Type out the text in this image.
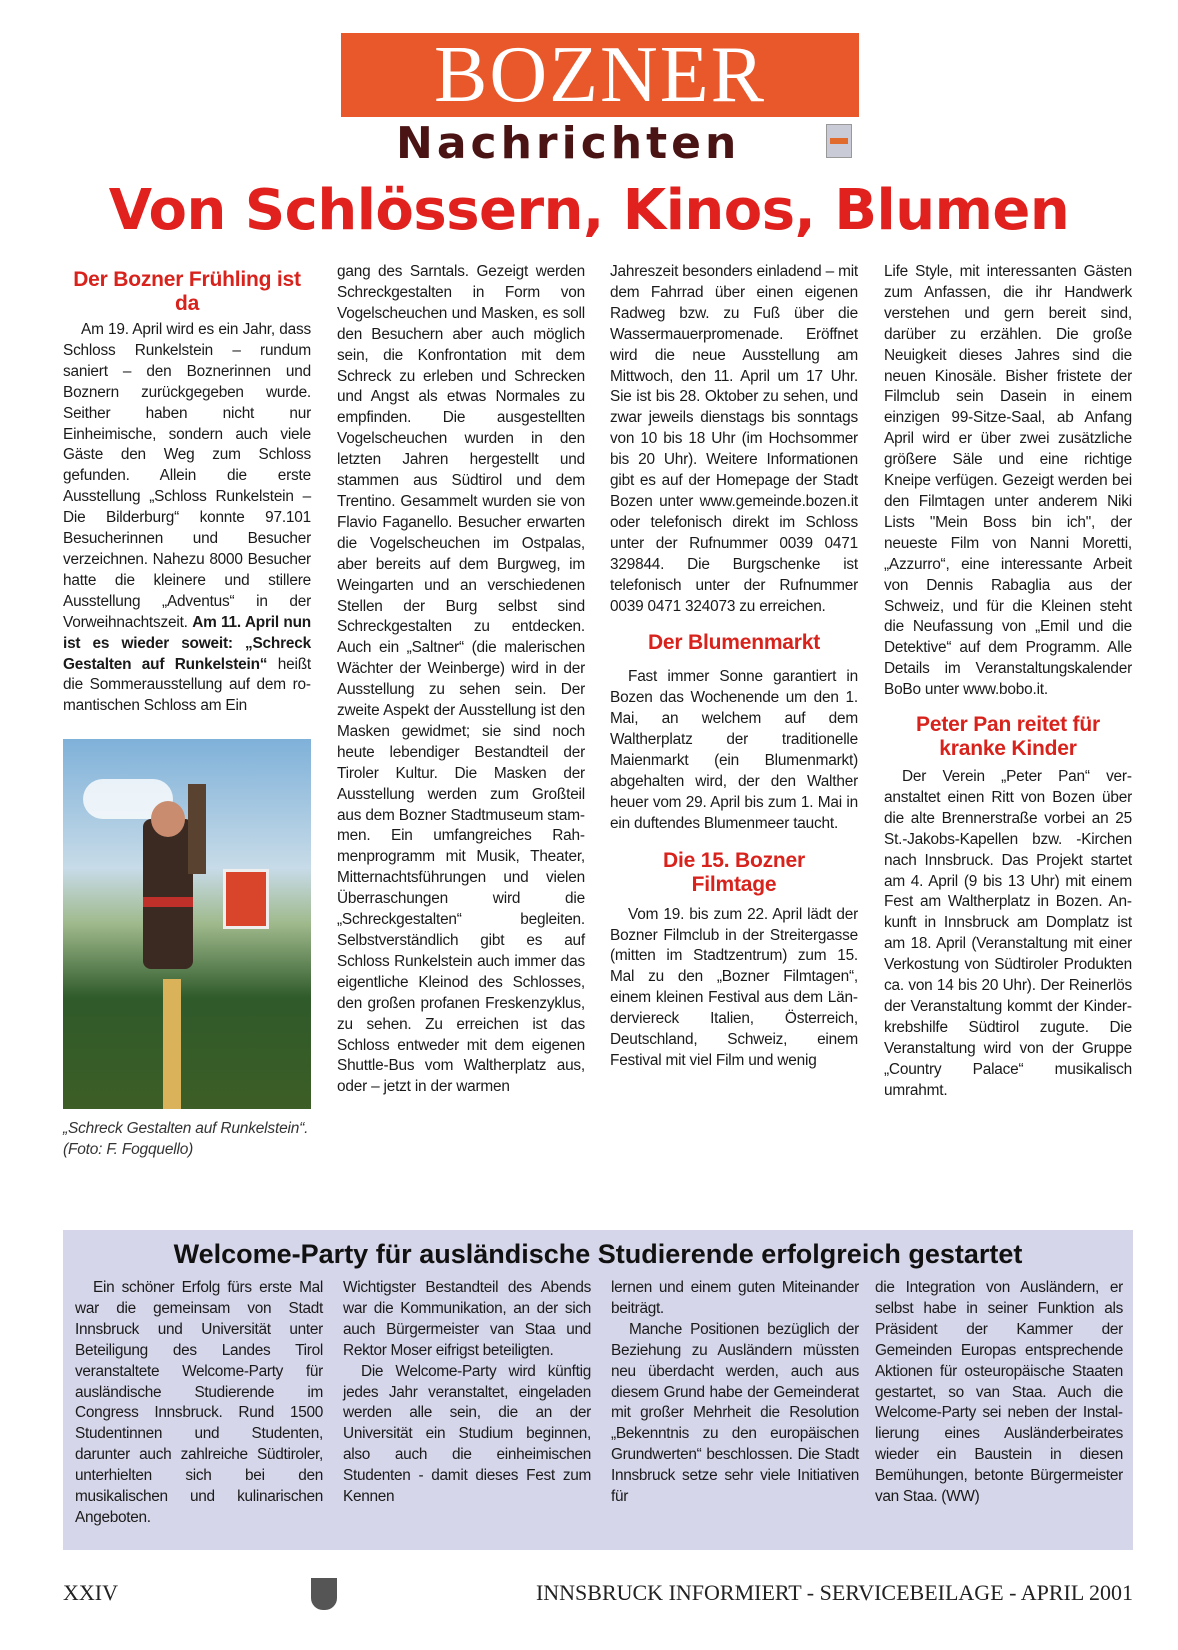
BOZNER
Nachrichten
Von Schlössern, Kinos, Blumen
Der Bozner Frühling ist da

Am 19. April wird es ein Jahr, dass Schloss Runkelstein – rundum saniert – den Boznerinnen und Boznern zurückgegeben wurde. Seither haben nicht nur Einheimische, sondern auch viele Gäste den Weg zum Schloss gefunden. Allein die erste Ausstellung „Schloss Runkelstein – Die Bilderburg“ konnte 97.101 Besucherinnen und Besucher verzeichnen. Nahezu 8000 Besucher hatte die kleinere und stillere Ausstellung „Adventus“ in der Vorweihnachtszeit. Am 11. April nun ist es wieder soweit: „Schreck Gestalten auf Runkelstein“ heißt die Sommerausstellung auf dem romantischen Schloss am Ein

„Schreck Gestalten auf Runkelstein“. (Foto: F. Fogquello)

gang des Sarntals. Gezeigt werden Schreckgestalten in Form von Vogelscheuchen und Masken, es soll den Besuchern aber auch möglich sein, die Konfrontation mit dem Schreck zu erleben und Schrecken und Angst als etwas Normales zu empfinden. Die ausgestellten Vogelscheuchen wurden in den letzten Jahren hergestellt und stammen aus Südtirol und dem Trentino. Gesammelt wurden sie von Flavio Faganello. Besucher erwarten die Vogelscheuchen im Ostpalas, aber bereits auf dem Burgweg, im Weingarten und an verschiedenen Stellen der Burg selbst sind Schreckgestalten zu entdecken. Auch ein „Saltner“ (die malerischen Wächter der Weinberge) wird in der Ausstellung zu sehen sein. Der zweite Aspekt der Ausstellung ist den Masken gewidmet; sie sind noch heute lebendiger Bestandteil der Tiroler Kultur. Die Masken der Ausstellung werden zum Großteil aus dem Bozner Stadtmuseum stammen. Ein umfangreiches Rahmenprogramm mit Musik, Theater, Mitternachtsführungen und vielen Überraschungen wird die „Schreckgestalten“ begleiten. Selbstverständlich gibt es auf Schloss Runkelstein auch immer das eigentliche Kleinod des Schlosses, den großen profanen Freskenzyklus, zu sehen. Zu erreichen ist das Schloss entweder mit dem eigenen Shuttle-Bus vom Waltherplatz aus, oder – jetzt in der warmen

Jahreszeit besonders einladend – mit dem Fahrrad über einen eigenen Radweg bzw. zu Fuß über die Wassermauerpromenade. Eröffnet wird die neue Ausstellung am Mittwoch, den 11. April um 17 Uhr. Sie ist bis 28. Oktober zu sehen, und zwar jeweils dienstags bis sonntags von 10 bis 18 Uhr (im Hochsommer bis 20 Uhr). Weitere Informationen gibt es auf der Homepage der Stadt Bozen unter www.gemeinde.bozen.it oder telefonisch direkt im Schloss unter der Rufnummer 0039 0471 329844. Die Burgschenke ist telefonisch unter der Rufnummer 0039 0471 324073 zu erreichen.

Der Blumenmarkt

Fast immer Sonne garantiert in Bozen das Wochenende um den 1. Mai, an welchem auf dem Waltherplatz der traditionelle Maienmarkt (ein Blumenmarkt) abgehalten wird, der den Walther heuer vom 29. April bis zum 1. Mai in ein duftendes Blumenmeer taucht.

Die 15. Bozner Filmtage

Vom 19. bis zum 22. April lädt der Bozner Filmclub in der Streitergasse (mitten im Stadtzentrum) zum 15. Mal zu den „Bozner Filmtagen“, einem kleinen Festival aus dem Länderviereck Italien, Österreich, Deutschland, Schweiz, einem Festival mit viel Film und wenig

Life Style, mit interessanten Gästen zum Anfassen, die ihr Handwerk verstehen und gern bereit sind, darüber zu erzählen. Die große Neuigkeit dieses Jahres sind die neuen Kinosäle. Bisher fristete der Filmclub sein Dasein in einem einzigen 99-Sitze-Saal, ab Anfang April wird er über zwei zusätzliche größere Säle und eine richtige Kneipe verfügen. Gezeigt werden bei den Filmtagen unter anderem Niki Lists "Mein Boss bin ich", der neueste Film von Nanni Moretti, „Azzurro“, eine interessante Arbeit von Dennis Rabaglia aus der Schweiz, und für die Kleinen steht die Neufassung von „Emil und die Detektive“ auf dem Programm. Alle Details im Veranstaltungskalender BoBo unter www.bobo.it.

Peter Pan reitet für kranke Kinder

Der Verein „Peter Pan“ veranstaltet einen Ritt von Bozen über die alte Brennerstraße vorbei an 25 St.-Jakobs-Kapellen bzw. -Kirchen nach Innsbruck. Das Projekt startet am 4. April (9 bis 13 Uhr) mit einem Fest am Waltherplatz in Bozen. Ankunft in Innsbruck am Domplatz ist am 18. April (Veranstaltung mit einer Verkostung von Südtiroler Produkten ca. von 14 bis 20 Uhr). Der Reinerlös der Veranstaltung kommt der Kinderkrebshilfe Südtirol zugute. Die Veranstaltung wird von der Gruppe „Country Palace“ musikalisch umrahmt.

Welcome-Party für ausländische Studierende erfolgreich gestartet

Ein schöner Erfolg fürs erste Mal war die gemeinsam von Stadt Innsbruck und Universität unter Beteiligung des Landes Tirol veranstaltete Welcome-Party für ausländische Studierende im Congress Innsbruck. Rund 1500 Studentinnen und Studenten, darunter auch zahlreiche Südtiroler, unterhielten sich bei den musikalischen und kulinarischen Angeboten.

Wichtigster Bestandteil des Abends war die Kommunikation, an der sich auch Bürgermeister van Staa und Rektor Moser eifrigst beteiligten.

Die Welcome-Party wird künftig jedes Jahr veranstaltet, eingeladen werden alle sein, die an der Universität ein Studium beginnen, also auch die einheimischen Studenten - damit dieses Fest zum Kennen

lernen und einem guten Miteinander beiträgt.

Manche Positionen bezüglich der Beziehung zu Ausländern müssten neu überdacht werden, auch aus diesem Grund habe der Gemeinderat mit großer Mehrheit die Resolution „Bekenntnis zu den europäischen Grundwerten“ beschlossen. Die Stadt Innsbruck setze sehr viele Initiativen für

die Integration von Ausländern, er selbst habe in seiner Funktion als Präsident der Kammer der Gemeinden Europas entsprechende Aktionen für osteuropäische Staaten gestartet, so van Staa. Auch die Welcome-Party sei neben der Installierung eines Ausländerbeirates wieder ein Baustein in diesen Bemühungen, betonte Bürgermeister van Staa. (WW)

XXIV	INNSBRUCK INFORMIERT - SERVICEBEILAGE - APRIL 2001
